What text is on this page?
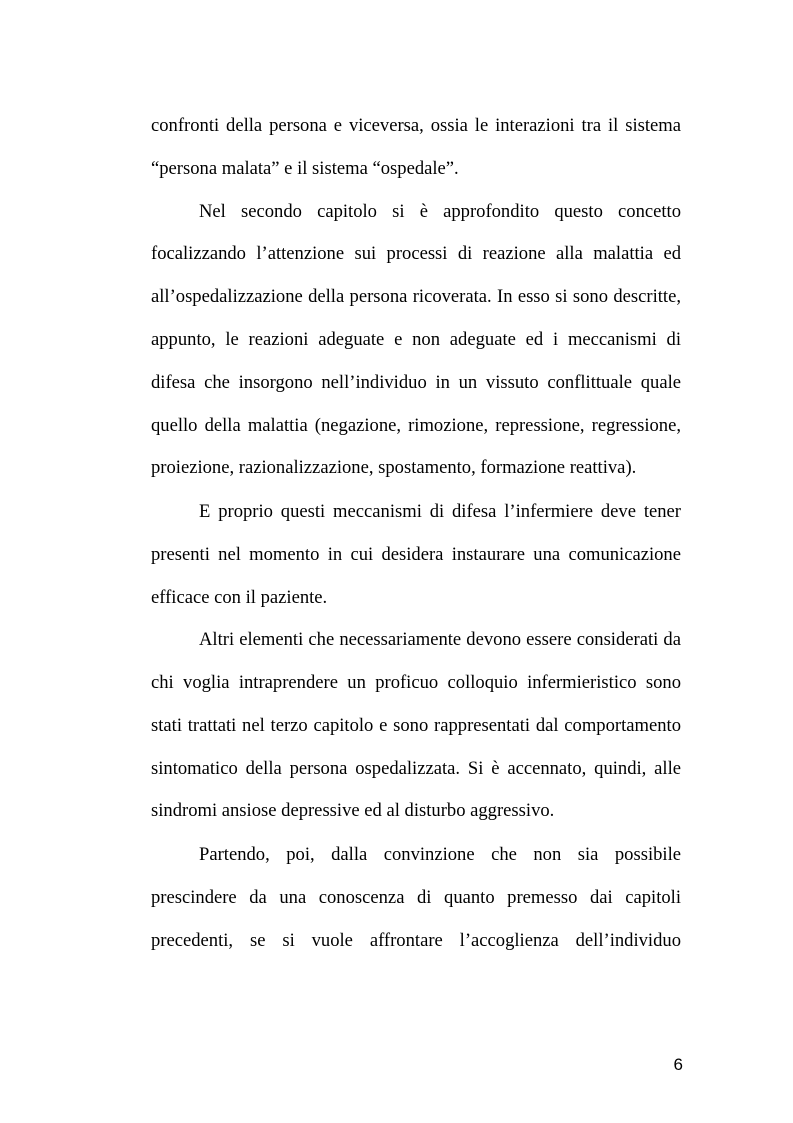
confronti della persona e viceversa, ossia le interazioni tra il sistema
“persona malata” e il sistema “ospedale”.
Nel secondo capitolo si è approfondito questo concetto
focalizzando l’attenzione sui processi di reazione alla malattia ed
all’ospedalizzazione della persona ricoverata. In esso si sono descritte,
appunto, le reazioni adeguate e non adeguate ed i meccanismi di
difesa che insorgono nell’individuo in un vissuto conflittuale quale
quello della malattia (negazione, rimozione, repressione, regressione,
proiezione, razionalizzazione, spostamento, formazione reattiva).
E proprio questi meccanismi di difesa l’infermiere deve tener
presenti nel momento in cui desidera instaurare una comunicazione
efficace con il paziente.
Altri elementi che necessariamente devono essere considerati da
chi voglia intraprendere un proficuo colloquio infermieristico sono
stati trattati nel terzo capitolo e sono rappresentati dal comportamento
sintomatico della persona ospedalizzata. Si è accennato, quindi, alle
sindromi ansiose depressive ed al disturbo aggressivo.
Partendo, poi, dalla convinzione che non sia possibile
prescindere da una conoscenza di quanto premesso dai capitoli
precedenti, se si vuole affrontare l’accoglienza dell’individuo
6
